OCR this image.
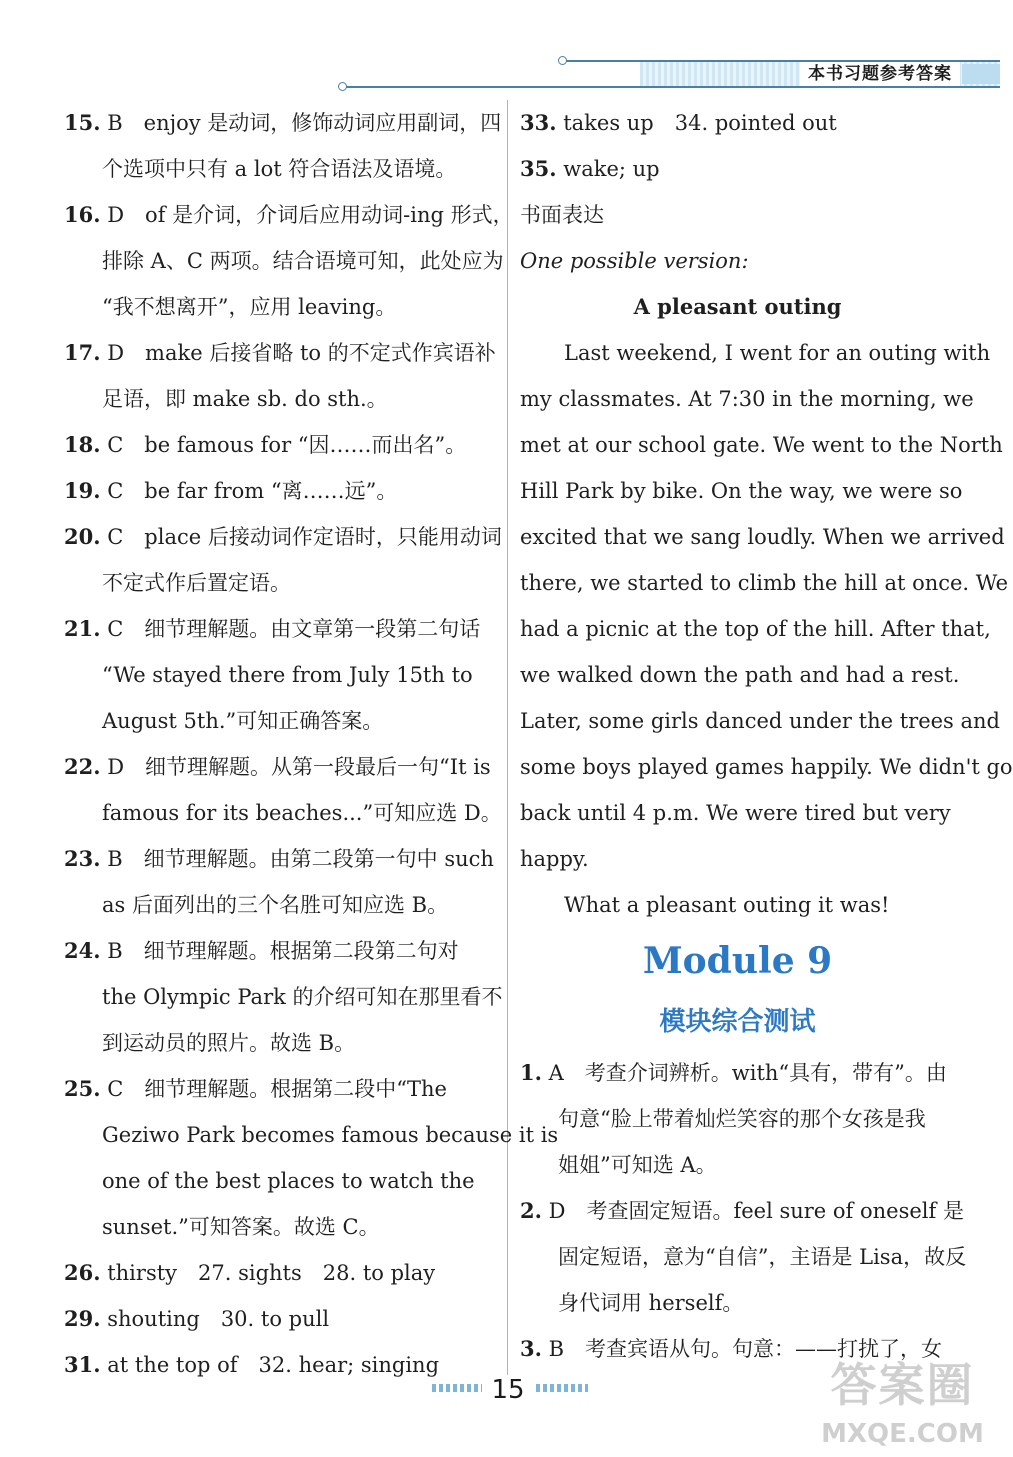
本书习题参考答案
15. B　enjoy 是动词，修饰动词应用副词，四
个选项中只有 a lot 符合语法及语境。
16. D　of 是介词，介词后应用动词-ing 形式，
排除 A、C 两项。结合语境可知，此处应为
“我不想离开”，应用 leaving。
17. D　make 后接省略 to 的不定式作宾语补
足语，即 make sb. do sth.。
18. C　be famous for “因……而出名”。
19. C　be far from “离……远”。
20. C　place 后接动词作定语时，只能用动词
不定式作后置定语。
21. C　细节理解题。由文章第一段第二句话
“We stayed there from July 15th to
August 5th.”可知正确答案。
22. D　细节理解题。从第一段最后一句“It is
famous for its beaches...”可知应选 D。
23. B　细节理解题。由第二段第一句中 such
as 后面列出的三个名胜可知应选 B。
24. B　细节理解题。根据第二段第二句对
the Olympic Park 的介绍可知在那里看不
到运动员的照片。故选 B。
25. C　细节理解题。根据第二段中“The
Geziwo Park becomes famous because it is
one of the best places to watch the
sunset.”可知答案。故选 C。
26. thirsty　27. sights　28. to play
29. shouting　30. to pull
31. at the top of　32. hear; singing
33. takes up　34. pointed out
35. wake; up
书面表达
One possible version:
A pleasant outing
Last weekend, I went for an outing with
my classmates. At 7:30 in the morning, we
met at our school gate. We went to the North
Hill Park by bike. On the way, we were so
excited that we sang loudly. When we arrived
there, we started to climb the hill at once. We
had a picnic at the top of the hill. After that,
we walked down the path and had a rest.
Later, some girls danced under the trees and
some boys played games happily. We didn't go
back until 4 p.m. We were tired but very
happy.
What a pleasant outing it was!
Module 9
模块综合测试
1. A　考查介词辨析。with“具有，带有”。由
句意“脸上带着灿烂笑容的那个女孩是我
姐姐”可知选 A。
2. D　考查固定短语。feel sure of oneself 是
固定短语，意为“自信”，主语是 Lisa，故反
身代词用 herself。
3. B　考查宾语从句。句意：——打扰了，女
15	答案圈
MXQE.COM
